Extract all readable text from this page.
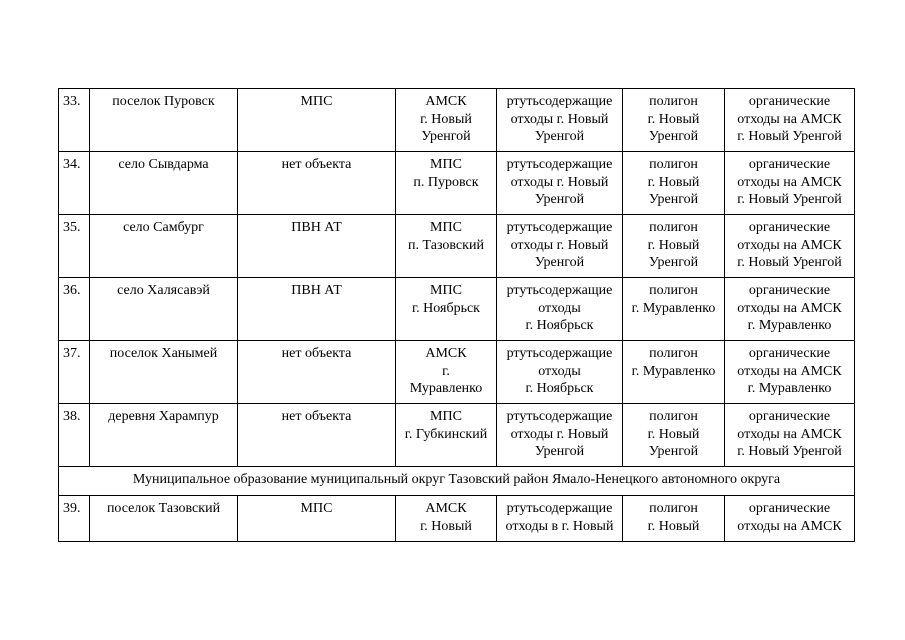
33.	поселок Пуровск	МПС	АМСК
г. Новый
Уренгой	ртутьсодержащие
отходы г. Новый
Уренгой	полигон
г. Новый
Уренгой	органические
отходы на АМСК
г. Новый Уренгой

34.	село Сывдарма	нет объекта	МПС
п. Пуровск	ртутьсодержащие
отходы г. Новый
Уренгой	полигон
г. Новый
Уренгой	органические
отходы на АМСК
г. Новый Уренгой

35.	село Самбург	ПВН АТ	МПС
п. Тазовский	ртутьсодержащие
отходы г. Новый
Уренгой	полигон
г. Новый
Уренгой	органические
отходы на АМСК
г. Новый Уренгой

36.	село Халясавэй	ПВН АТ	МПС
г. Ноябрьск	ртутьсодержащие
отходы
г. Ноябрьск	полигон
г. Муравленко	органические
отходы на АМСК
г. Муравленко

37.	поселок Ханымей	нет объекта	АМСК
г.
Муравленко	ртутьсодержащие
отходы
г. Ноябрьск	полигон
г. Муравленко	органические
отходы на АМСК
г. Муравленко

38.	деревня Харампур	нет объекта	МПС
г. Губкинский	ртутьсодержащие
отходы г. Новый
Уренгой	полигон
г. Новый
Уренгой	органические
отходы на АМСК
г. Новый Уренгой

Муниципальное образование муниципальный округ Тазовский район Ямало-Ненецкого автономного округа						
39.	поселок Тазовский	МПС	АМСК
г. Новый	ртутьсодержащие
отходы в г. Новый	полигон
г. Новый	органические
отходы на АМСК
